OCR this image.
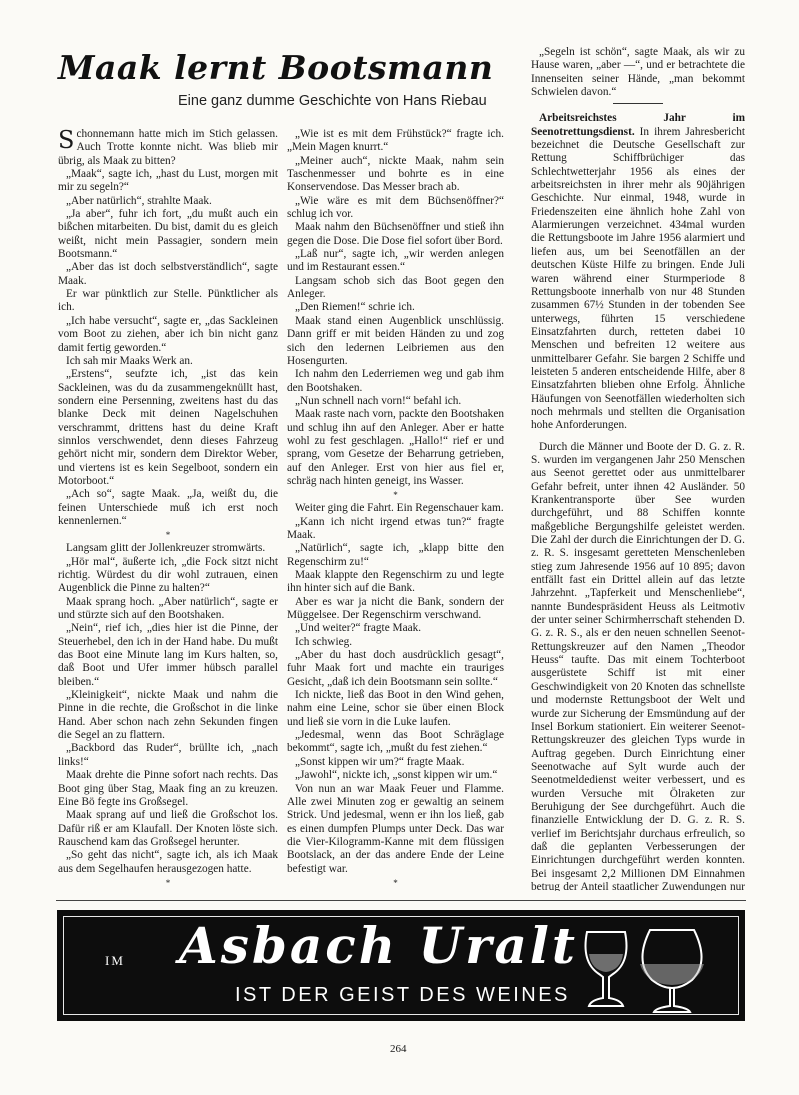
Maak lernt Bootsmann
Eine ganz dumme Geschichte von Hans Riebau

Schonnemann hatte mich im Stich gelassen. Auch Trotte konnte nicht. Was blieb mir übrig, als Maak zu bitten?

„Maak“, sagte ich, „hast du Lust, morgen mit mir zu segeln?“

„Aber natürlich“, strahlte Maak.

„Ja aber“, fuhr ich fort, „du mußt auch ein bißchen mitarbeiten. Du bist, damit du es gleich weißt, nicht mein Passagier, sondern mein Bootsmann.“

„Aber das ist doch selbstverständlich“, sagte Maak.

Er war pünktlich zur Stelle. Pünktlicher als ich.

„Ich habe versucht“, sagte er, „das Sackleinen vom Boot zu ziehen, aber ich bin nicht ganz damit fertig geworden.“

Ich sah mir Maaks Werk an.

„Erstens“, seufzte ich, „ist das kein Sackleinen, was du da zusammengeknüllt hast, sondern eine Persenning, zweitens hast du das blanke Deck mit deinen Nagelschuhen verschrammt, drittens hast du deine Kraft sinnlos verschwendet, denn dieses Fahrzeug gehört nicht mir, sondern dem Direktor Weber, und viertens ist es kein Segelboot, sondern ein Motorboot.“

„Ach so“, sagte Maak. „Ja, weißt du, die feinen Unterschiede muß ich erst noch kennenlernen.“

*

Langsam glitt der Jollenkreuzer stromwärts.

„Hör mal“, äußerte ich, „die Fock sitzt nicht richtig. Würdest du dir wohl zutrauen, einen Augenblick die Pinne zu halten?“

Maak sprang hoch. „Aber natürlich“, sagte er und stürzte sich auf den Bootshaken.

„Nein“, rief ich, „dies hier ist die Pinne, der Steuerhebel, den ich in der Hand habe. Du mußt das Boot eine Minute lang im Kurs halten, so, daß Boot und Ufer immer hübsch parallel bleiben.“

„Kleinigkeit“, nickte Maak und nahm die Pinne in die rechte, die Großschot in die linke Hand. Aber schon nach zehn Sekunden fingen die Segel an zu flattern.

„Backbord das Ruder“, brüllte ich, „nach links!“

Maak drehte die Pinne sofort nach rechts. Das Boot ging über Stag, Maak fing an zu kreuzen. Eine Bö fegte ins Großsegel.

Maak sprang auf und ließ die Großschot los. Dafür riß er am Klaufall. Der Knoten löste sich. Rauschend kam das Großsegel herunter.

„So geht das nicht“, sagte ich, als ich Maak aus dem Segelhaufen herausgezogen hatte.

*

„Wie ist es mit dem Frühstück?“ fragte ich. „Mein Magen knurrt.“

„Meiner auch“, nickte Maak, nahm sein Taschenmesser und bohrte es in eine Konservendose. Das Messer brach ab.

„Wie wäre es mit dem Büchsenöffner?“ schlug ich vor.

Maak nahm den Büchsenöffner und stieß ihn gegen die Dose. Die Dose fiel sofort über Bord.

„Laß nur“, sagte ich, „wir werden anlegen und im Restaurant essen.“

Langsam schob sich das Boot gegen den Anleger.

„Den Riemen!“ schrie ich.

Maak stand einen Augenblick unschlüssig. Dann griff er mit beiden Händen zu und zog sich den ledernen Leibriemen aus den Hosengurten.

Ich nahm den Lederriemen weg und gab ihm den Bootshaken.

„Nun schnell nach vorn!“ befahl ich.

Maak raste nach vorn, packte den Bootshaken und schlug ihn auf den Anleger. Aber er hatte wohl zu fest geschlagen. „Hallo!“ rief er und sprang, vom Gesetze der Beharrung getrieben, auf den Anleger. Erst von hier aus fiel er, schräg nach hinten geneigt, ins Wasser.

*

Weiter ging die Fahrt. Ein Regenschauer kam.

„Kann ich nicht irgend etwas tun?“ fragte Maak.

„Natürlich“, sagte ich, „klapp bitte den Regenschirm zu!“

Maak klappte den Regenschirm zu und legte ihn hinter sich auf die Bank.

Aber es war ja nicht die Bank, sondern der Müggelsee. Der Regenschirm verschwand.

„Und weiter?“ fragte Maak.

Ich schwieg.

„Aber du hast doch ausdrücklich gesagt“, fuhr Maak fort und machte ein trauriges Gesicht, „daß ich dein Bootsmann sein sollte.“

Ich nickte, ließ das Boot in den Wind gehen, nahm eine Leine, schor sie über einen Block und ließ sie vorn in die Luke laufen.

„Jedesmal, wenn das Boot Schräglage bekommt“, sagte ich, „mußt du fest ziehen.“

„Sonst kippen wir um?“ fragte Maak.

„Jawohl“, nickte ich, „sonst kippen wir um.“

Von nun an war Maak Feuer und Flamme. Alle zwei Minuten zog er gewaltig an seinem Strick. Und jedesmal, wenn er ihn los ließ, gab es einen dumpfen Plumps unter Deck. Das war die Vier-Kilogramm-Kanne mit dem flüssigen Bootslack, an der das andere Ende der Leine befestigt war.

*

„Segeln ist schön“, sagte Maak, als wir zu Hause waren, „aber —“, und er betrachtete die Innenseiten seiner Hände, „man bekommt Schwielen davon.“

Arbeitsreichstes Jahr im Seenotrettungsdienst. In ihrem Jahresbericht bezeichnet die Deutsche Gesellschaft zur Rettung Schiffbrüchiger das Schlechtwetterjahr 1956 als eines der arbeitsreichsten in ihrer mehr als 90jährigen Geschichte. Nur einmal, 1948, wurde in Friedenszeiten eine ähnlich hohe Zahl von Alarmierungen verzeichnet. 434mal wurden die Rettungsboote im Jahre 1956 alarmiert und liefen aus, um bei Seenotfällen an der deutschen Küste Hilfe zu bringen. Ende Juli waren während einer Sturmperiode 8 Rettungsboote innerhalb von nur 48 Stunden zusammen 67½ Stunden in der tobenden See unterwegs, führten 15 verschiedene Einsatzfahrten durch, retteten dabei 10 Menschen und befreiten 12 weitere aus unmittelbarer Gefahr. Sie bargen 2 Schiffe und leisteten 5 anderen entscheidende Hilfe, aber 8 Einsatzfahrten blieben ohne Erfolg. Ähnliche Häufungen von Seenotfällen wiederholten sich noch mehrmals und stellten die Organisation hohe Anforderungen.

Durch die Männer und Boote der D. G. z. R. S. wurden im vergangenen Jahr 250 Menschen aus Seenot gerettet oder aus unmittelbarer Gefahr befreit, unter ihnen 42 Ausländer. 50 Krankentransporte über See wurden durchgeführt, und 88 Schiffen konnte maßgebliche Bergungshilfe geleistet werden. Die Zahl der durch die Einrichtungen der D. G. z. R. S. insgesamt geretteten Menschenleben stieg zum Jahresende 1956 auf 10 895; davon entfällt fast ein Drittel allein auf das letzte Jahrzehnt. „Tapferkeit und Menschenliebe“, nannte Bundespräsident Heuss als Leitmotiv der unter seiner Schirmherrschaft stehenden D. G. z. R. S., als er den neuen schnellen Seenot-Rettungskreuzer auf den Namen „Theodor Heuss“ taufte. Das mit einem Tochterboot ausgerüstete Schiff ist mit einer Geschwindigkeit von 20 Knoten das schnellste und modernste Rettungsboot der Welt und wurde zur Sicherung der Emsmündung auf der Insel Borkum stationiert. Ein weiterer Seenot-Rettungskreuzer des gleichen Typs wurde in Auftrag gegeben. Durch Einrichtung einer Seenotwache auf Sylt wurde auch der Seenotmeldedienst weiter verbessert, und es wurden Versuche mit Ölraketen zur Beruhigung der See durchgeführt. Auch die finanzielle Entwicklung der D. G. z. R. S. verlief im Berichtsjahr durchaus erfreulich, so daß die geplanten Verbesserungen der Einrichtungen durchgeführt werden konnten. Bei insgesamt 2,2 Millionen DM Einnahmen betrug der Anteil staatlicher Zuwendungen nur

IM Asbach Uralt
IST DER GEIST DES WEINES
264
